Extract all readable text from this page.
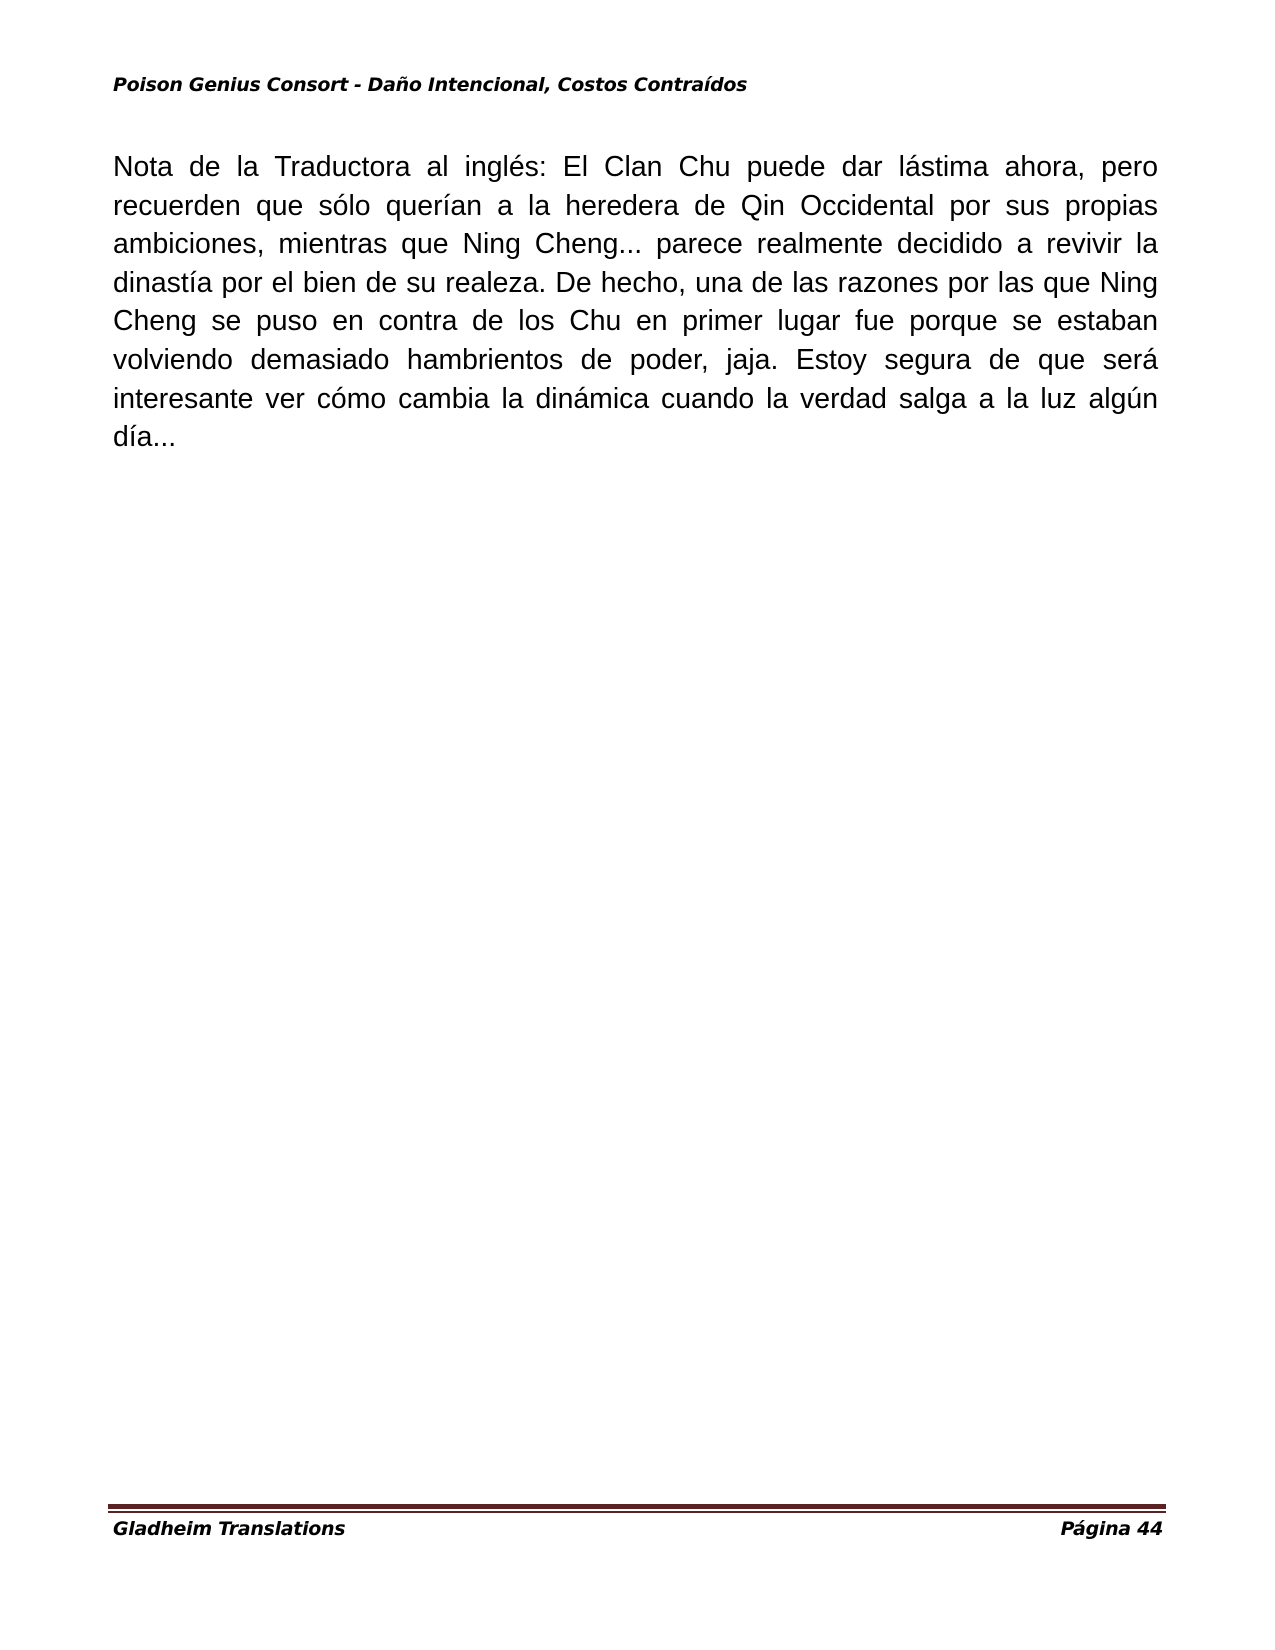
Poison Genius Consort - Daño Intencional, Costos Contraídos

Nota de la Traductora al inglés: El Clan Chu puede dar lástima ahora, pero recuerden que sólo querían a la heredera de Qin Occidental por sus propias ambiciones, mientras que Ning Cheng... parece realmente decidido a revivir la dinastía por el bien de su realeza. De hecho, una de las razones por las que Ning Cheng se puso en contra de los Chu en primer lugar fue porque se estaban volviendo demasiado hambrientos de poder, jaja. Estoy segura de que será interesante ver cómo cambia la dinámica cuando la verdad salga a la luz algún día...

Gladheim Translations	Página 44
